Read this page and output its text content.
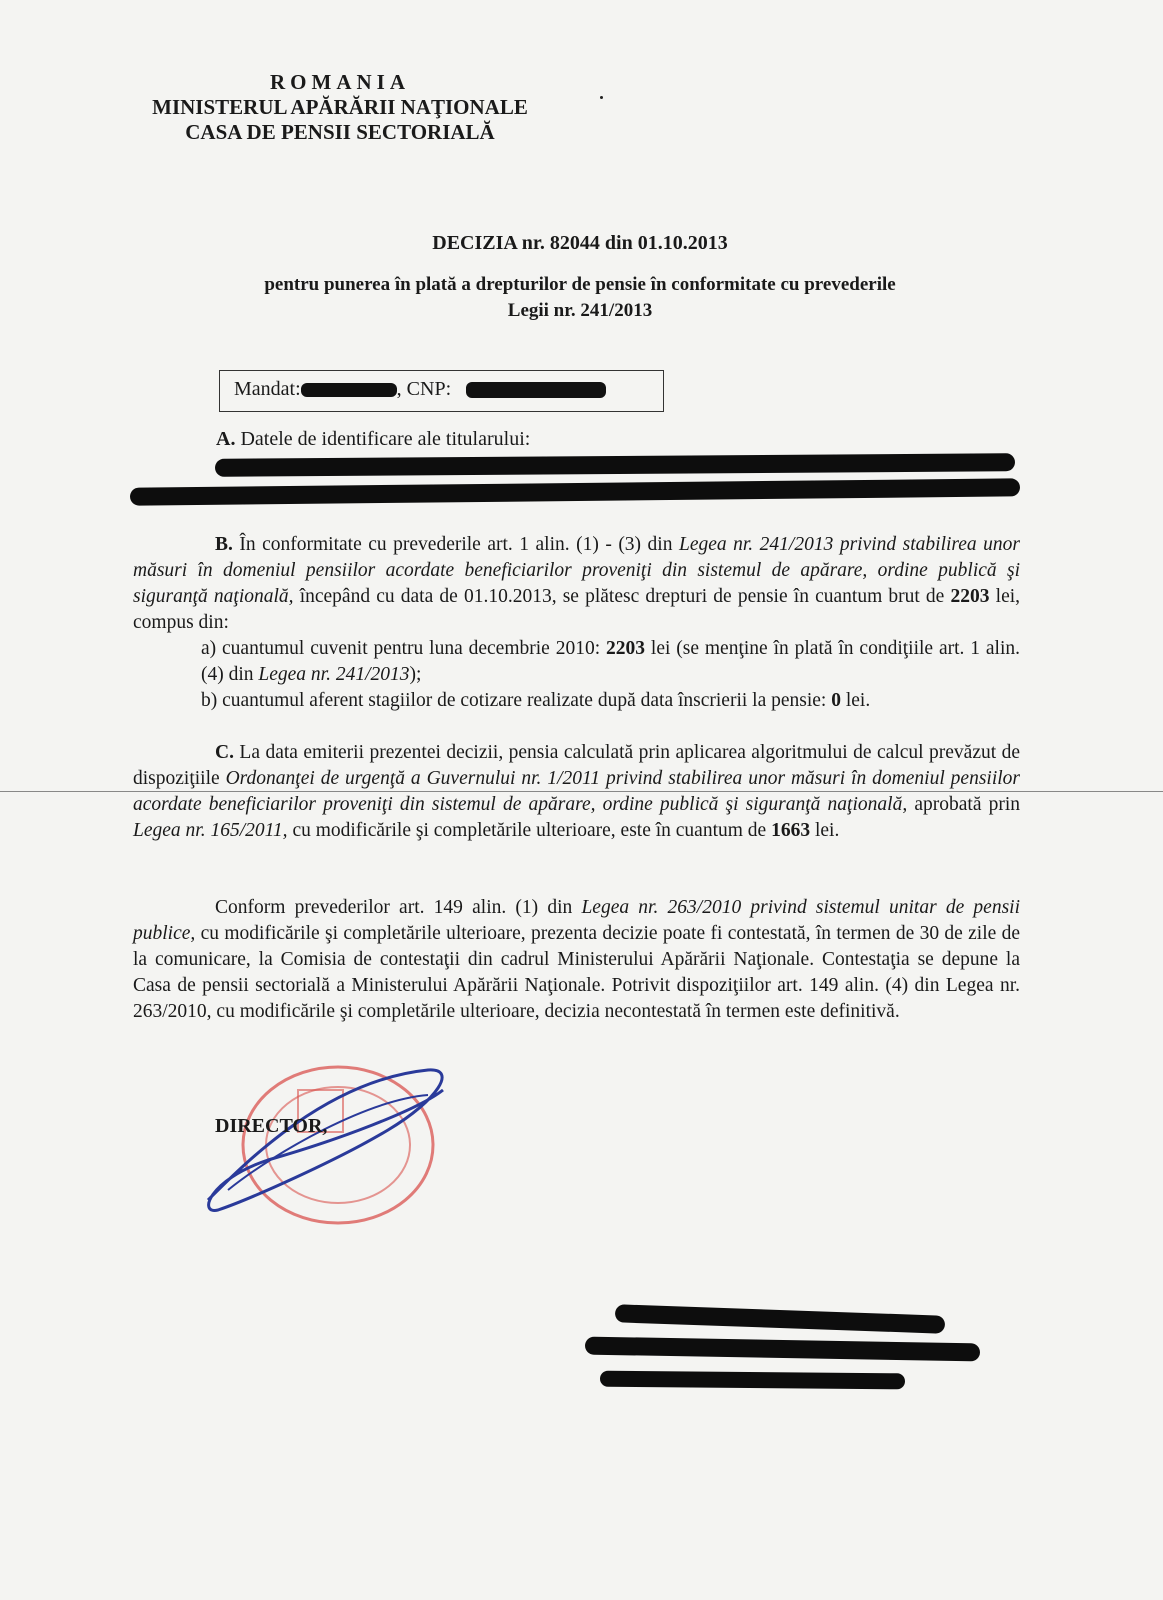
ROMANIA
MINISTERUL APĂRĂRII NAŢIONALE
CASA DE PENSII SECTORIALĂ
DECIZIA nr. 82044 din 01.10.2013
pentru punerea în plată a drepturilor de pensie în conformitate cu prevederile
Legii nr. 241/2013
Mandat:	, CNP:
A. Datele de identificare ale titularului:

B. În conformitate cu prevederile art. 1 alin. (1) - (3) din Legea nr. 241/2013 privind stabilirea unor măsuri în domeniul pensiilor acordate beneficiarilor proveniţi din sistemul de apărare, ordine publică şi siguranţă naţională, începând cu data de 01.10.2013, se plătesc drepturi de pensie în cuantum brut de 2203 lei, compus din:

a) cuantumul cuvenit pentru luna decembrie 2010: 2203 lei (se menţine în plată în condiţiile art. 1 alin. (4) din Legea nr. 241/2013);

b) cuantumul aferent stagiilor de cotizare realizate după data înscrierii la pensie: 0 lei.

C. La data emiterii prezentei decizii, pensia calculată prin aplicarea algoritmului de calcul prevăzut de dispoziţiile Ordonanţei de urgenţă a Guvernului nr. 1/2011 privind stabilirea unor măsuri în domeniul pensiilor acordate beneficiarilor proveniţi din sistemul de apărare, ordine publică şi siguranţă naţională, aprobată prin Legea nr. 165/2011, cu modificările şi completările ulterioare, este în cuantum de 1663 lei.

Conform prevederilor art. 149 alin. (1) din Legea nr. 263/2010 privind sistemul unitar de pensii publice, cu modificările şi completările ulterioare, prezenta decizie poate fi contestată, în termen de 30 de zile de la comunicare, la Comisia de contestaţii din cadrul Ministerului Apărării Naţionale. Contestaţia se depune la Casa de pensii sectorială a Ministerului Apărării Naţionale. Potrivit dispoziţiilor art. 149 alin. (4) din Legea nr. 263/2010, cu modificările şi completările ulterioare, decizia necontestată în termen este definitivă.

DIRECTOR,
